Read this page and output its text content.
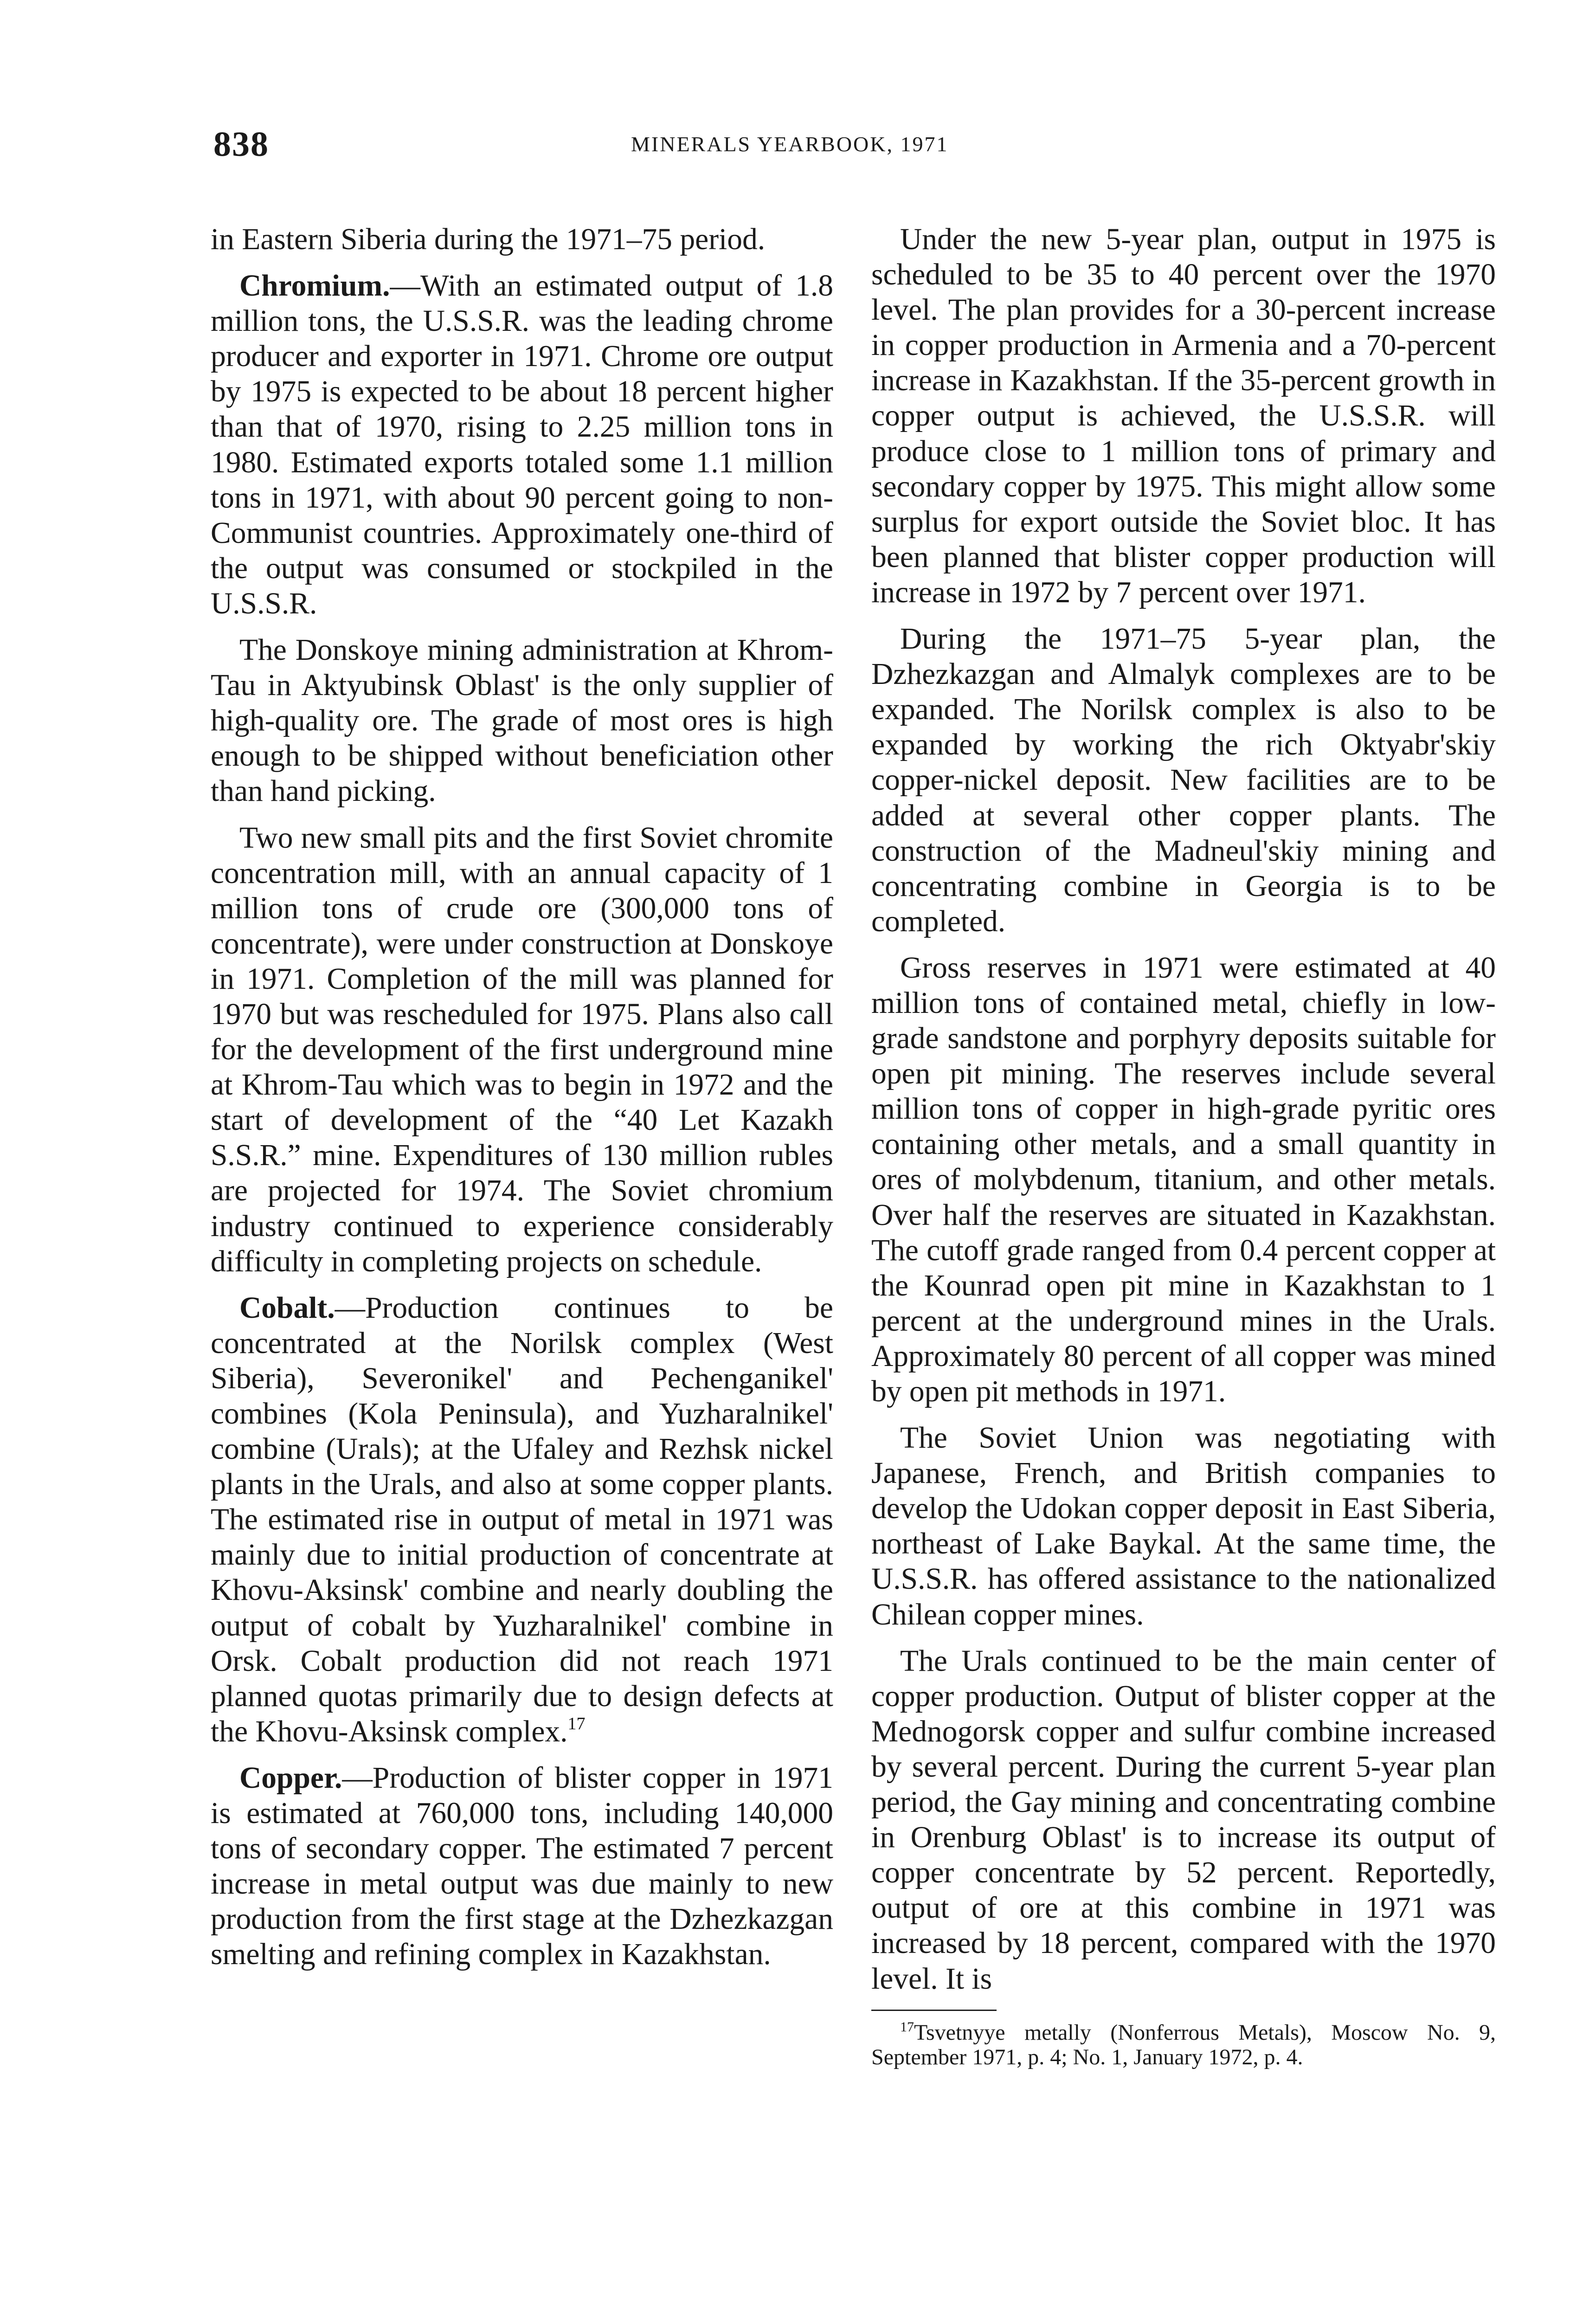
838	MINERALS YEARBOOK, 1971

in Eastern Siberia during the 1971–75 period.

Chromium.—With an estimated output of 1.8 million tons, the U.S.S.R. was the leading chrome producer and exporter in 1971. Chrome ore output by 1975 is expected to be about 18 percent higher than that of 1970, rising to 2.25 million tons in 1980. Estimated exports totaled some 1.1 million tons in 1971, with about 90 percent going to non-Communist countries. Approximately one-third of the output was consumed or stockpiled in the U.S.S.R.

The Donskoye mining administration at Khrom-Tau in Aktyubinsk Oblast' is the only supplier of high-quality ore. The grade of most ores is high enough to be shipped without beneficiation other than hand picking.

Two new small pits and the first Soviet chromite concentration mill, with an annual capacity of 1 million tons of crude ore (300,000 tons of concentrate), were under construction at Donskoye in 1971. Completion of the mill was planned for 1970 but was rescheduled for 1975. Plans also call for the development of the first underground mine at Khrom-Tau which was to begin in 1972 and the start of development of the “40 Let Kazakh S.S.R.” mine. Expenditures of 130 million rubles are projected for 1974. The Soviet chromium industry continued to experience considerably difficulty in completing projects on schedule.

Cobalt.—Production continues to be concentrated at the Norilsk complex (West Siberia), Severonikel' and Pechenganikel' combines (Kola Peninsula), and Yuzharalnikel' combine (Urals); at the Ufaley and Rezhsk nickel plants in the Urals, and also at some copper plants. The estimated rise in output of metal in 1971 was mainly due to initial production of concentrate at Khovu-Aksinsk' combine and nearly doubling the output of cobalt by Yuzharalnikel' combine in Orsk. Cobalt production did not reach 1971 planned quotas primarily due to design defects at the Khovu-Aksinsk complex.$^{17}$

Copper.—Production of blister copper in 1971 is estimated at 760,000 tons, including 140,000 tons of secondary copper. The estimated 7 percent increase in metal output was due mainly to new production from the first stage at the Dzhezkazgan smelting and refining complex in Kazakhstan.

Under the new 5-year plan, output in 1975 is scheduled to be 35 to 40 percent over the 1970 level. The plan provides for a 30-percent increase in copper production in Armenia and a 70-percent increase in Kazakhstan. If the 35-percent growth in copper output is achieved, the U.S.S.R. will produce close to 1 million tons of primary and secondary copper by 1975. This might allow some surplus for export outside the Soviet bloc. It has been planned that blister copper production will increase in 1972 by 7 percent over 1971.

During the 1971–75 5-year plan, the Dzhezkazgan and Almalyk complexes are to be expanded. The Norilsk complex is also to be expanded by working the rich Oktyabr'skiy copper-nickel deposit. New facilities are to be added at several other copper plants. The construction of the Madneul'skiy mining and concentrating combine in Georgia is to be completed.

Gross reserves in 1971 were estimated at 40 million tons of contained metal, chiefly in low-grade sandstone and porphyry deposits suitable for open pit mining. The reserves include several million tons of copper in high-grade pyritic ores containing other metals, and a small quantity in ores of molybdenum, titanium, and other metals. Over half the reserves are situated in Kazakhstan. The cutoff grade ranged from 0.4 percent copper at the Kounrad open pit mine in Kazakhstan to 1 percent at the underground mines in the Urals. Approximately 80 percent of all copper was mined by open pit methods in 1971.

The Soviet Union was negotiating with Japanese, French, and British companies to develop the Udokan copper deposit in East Siberia, northeast of Lake Baykal. At the same time, the U.S.S.R. has offered assistance to the nationalized Chilean copper mines.

The Urals continued to be the main center of copper production. Output of blister copper at the Mednogorsk copper and sulfur combine increased by several percent. During the current 5-year plan period, the Gay mining and concentrating combine in Orenburg Oblast' is to increase its output of copper concentrate by 52 percent. Reportedly, output of ore at this combine in 1971 was increased by 18 percent, compared with the 1970 level. It is

$^{17}$Tsvetnyye metally (Nonferrous Metals), Moscow No. 9, September 1971, p. 4; No. 1, January 1972, p. 4.
